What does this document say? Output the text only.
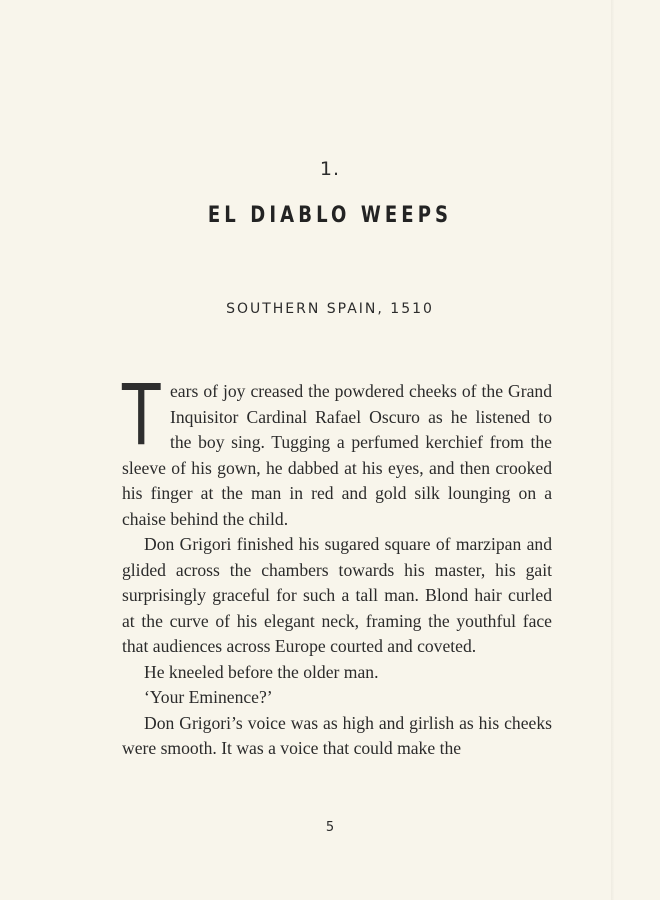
1.
EL DIABLO WEEPS
SOUTHERN SPAIN, 1510

Tears of joy creased the powdered cheeks of the Grand Inquisitor Cardinal Rafael Oscuro as he listened to the boy sing. Tugging a perfumed kerchief from the sleeve of his gown, he dabbed at his eyes, and then crooked his finger at the man in red and gold silk lounging on a chaise behind the child.

Don Grigori finished his sugared square of marzipan and glided across the chambers towards his master, his gait surprisingly graceful for such a tall man. Blond hair curled at the curve of his elegant neck, framing the youthful face that audiences across Europe courted and coveted.

He kneeled before the older man.

‘Your Eminence?’

Don Grigori’s voice was as high and girlish as his cheeks were smooth. It was a voice that could make the

5
